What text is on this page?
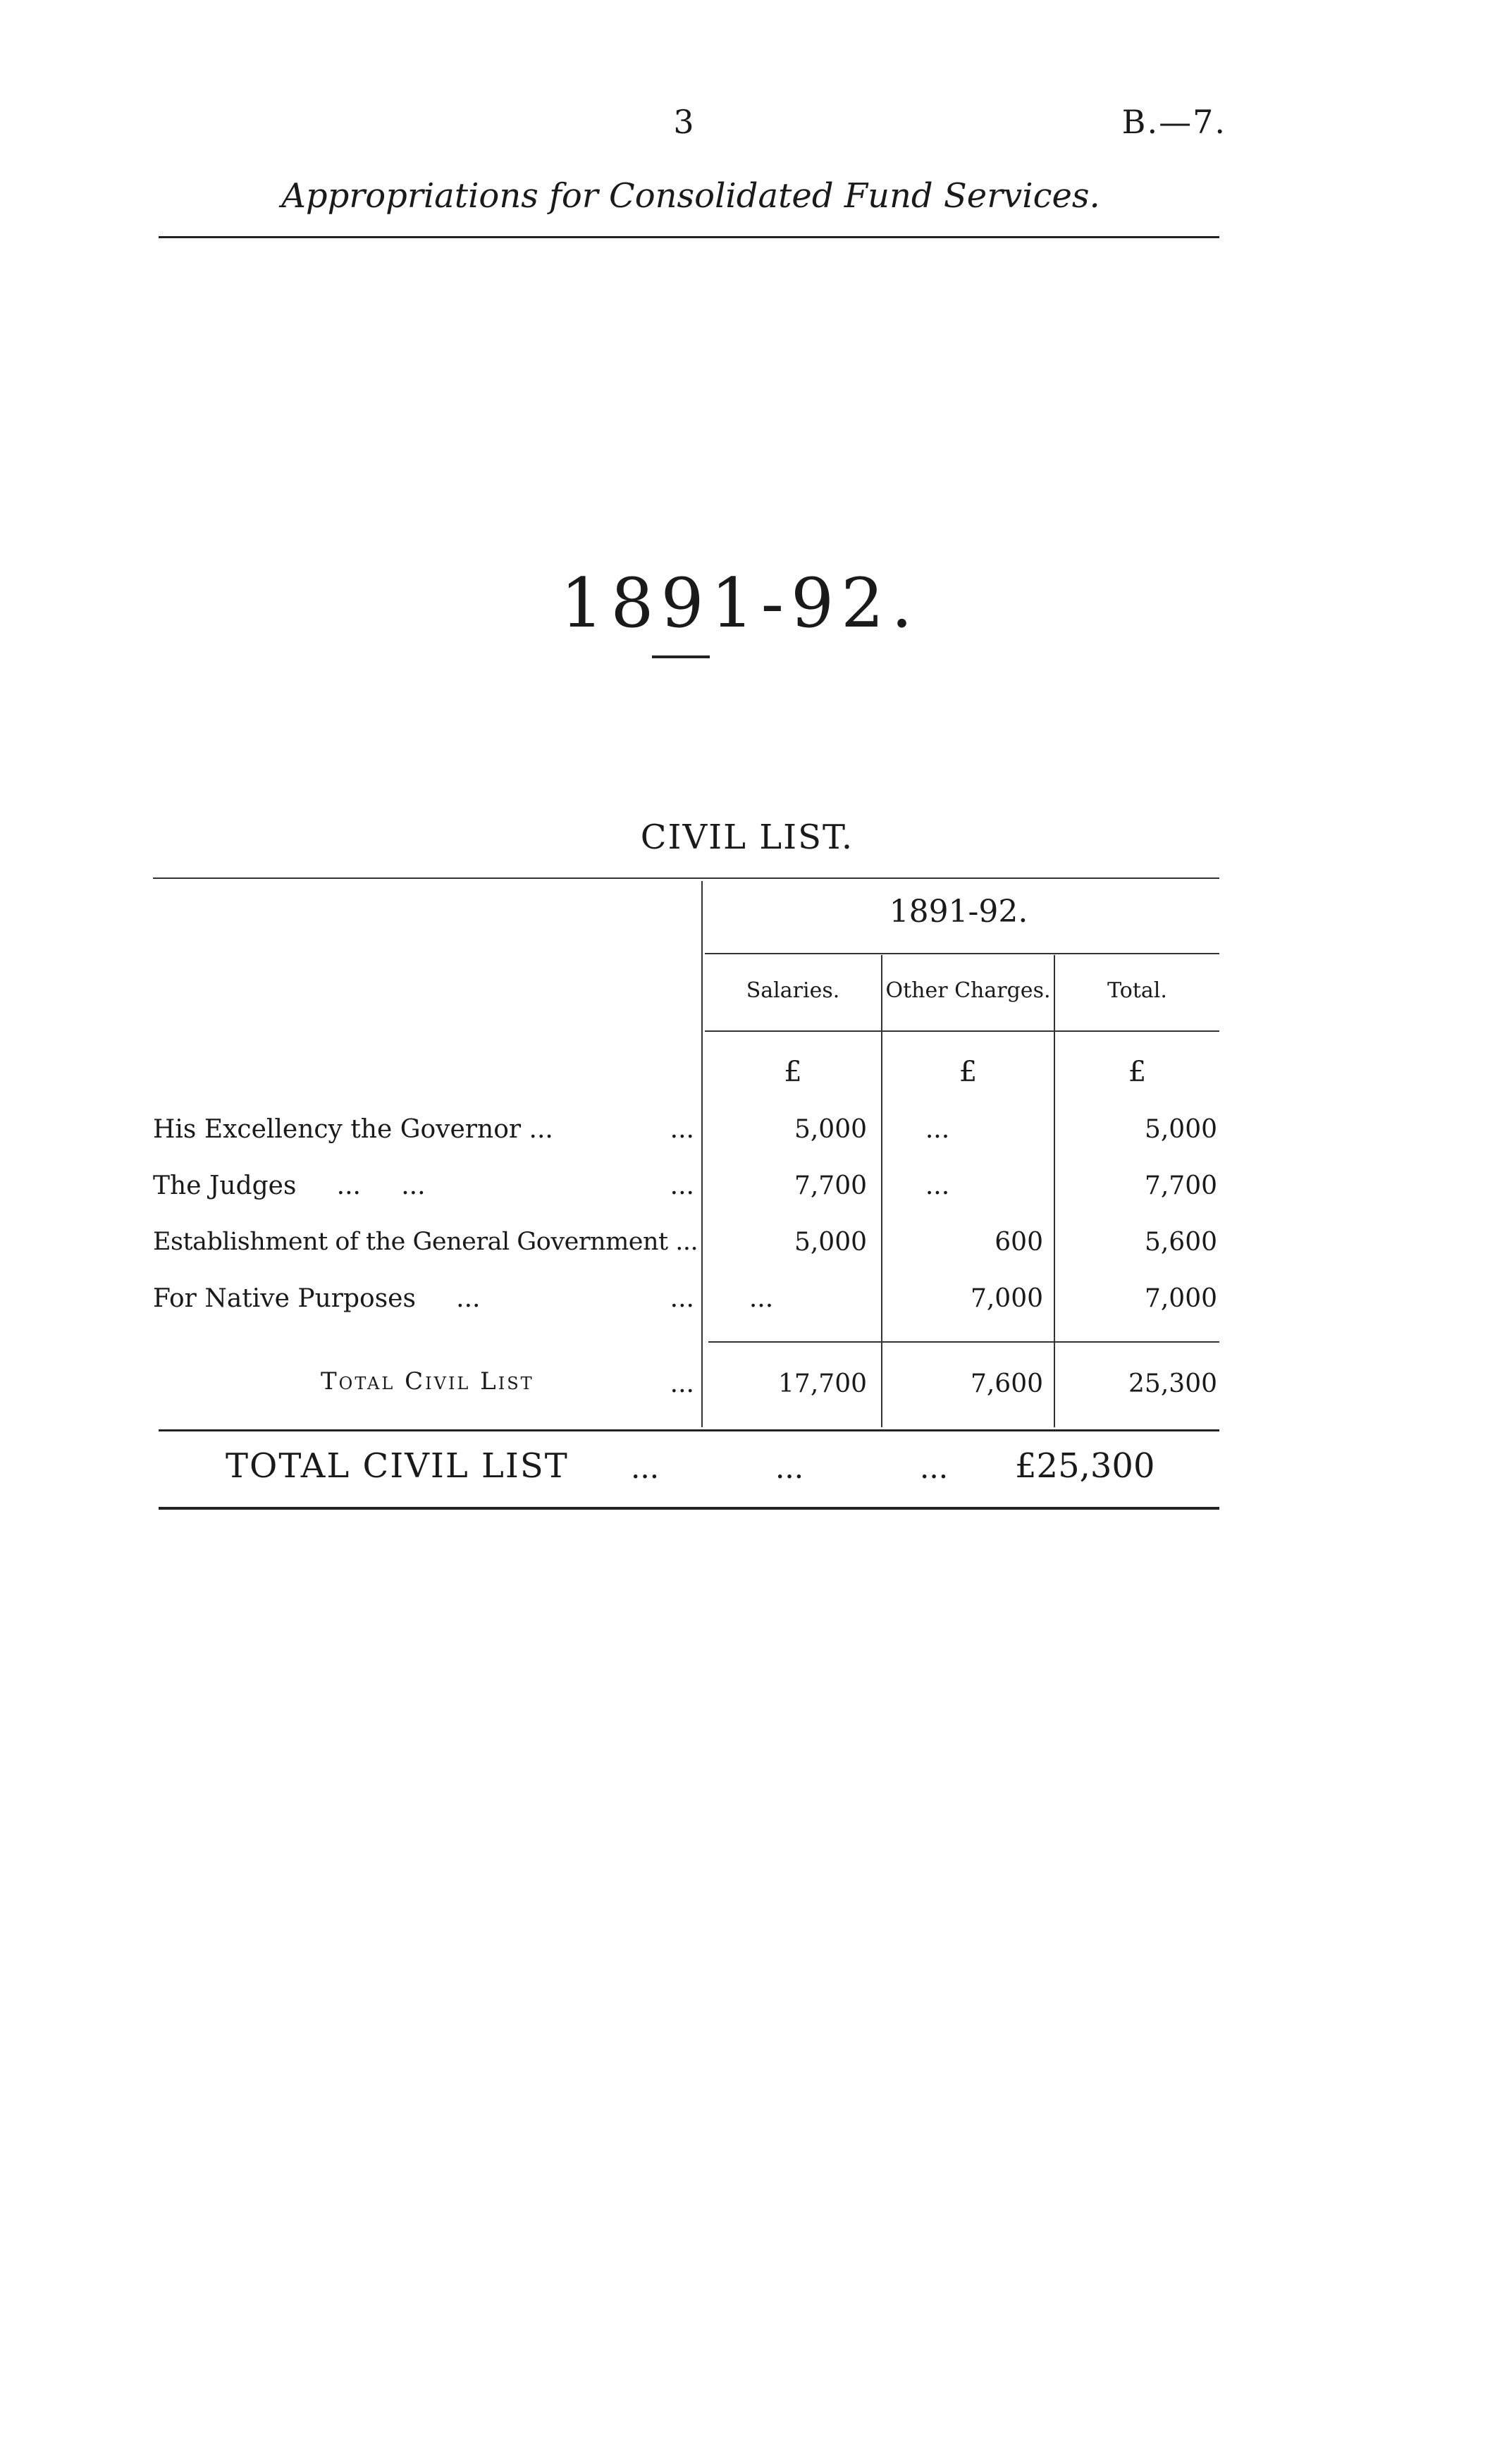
3	B.—7.
Appropriations for Consolidated Fund Services.
1891-92.
CIVIL LIST.
1891-92.
Salaries.	Other Charges.	Total.
£	£	£
His Excellency the Governor ...	...	5,000	...	5,000
The Judges     ...     ...	...	7,700	...	7,700
Establishment of the General Government ...	5,000	600	5,600
For Native Purposes     ...	...	...	7,000	7,000
Total Civil List	...	17,700	7,600	25,300
TOTAL CIVIL LIST ...	...	... £25,300
